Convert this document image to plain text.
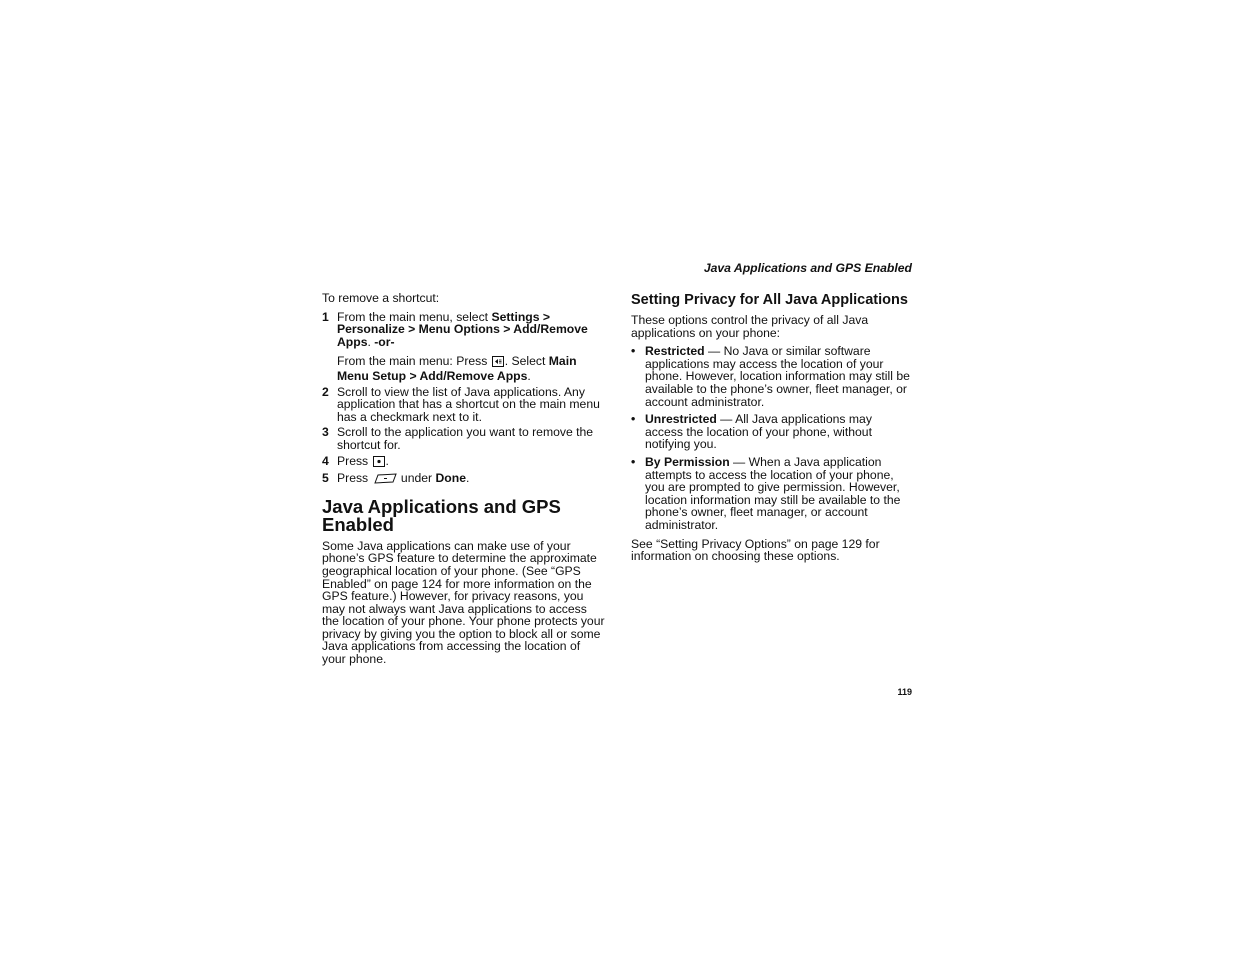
Java Applications and GPS Enabled

To remove a shortcut:

1 From the main menu, select Settings > Personalize > Menu Options > Add/Remove Apps. -or-

From the main menu: Press . Select Main Menu Setup > Add/Remove Apps.

2 Scroll to view the list of Java applications. Any application that has a shortcut on the main menu has a checkmark next to it.

3 Scroll to the application you want to remove the shortcut for.

4 Press .

5 Press  under Done.

Java Applications and GPS Enabled

Some Java applications can make use of your phone’s GPS feature to determine the approximate geographical location of your phone. (See “GPS Enabled” on page 124 for more information on the GPS feature.) However, for privacy reasons, you may not always want Java applications to access the location of your phone. Your phone protects your privacy by giving you the option to block all or some Java applications from accessing the location of your phone.

Setting Privacy for All Java Applications

These options control the privacy of all Java applications on your phone:

• Restricted — No Java or similar software applications may access the location of your phone. However, location information may still be available to the phone’s owner, fleet manager, or account administrator.
• Unrestricted — All Java applications may access the location of your phone, without notifying you.
• By Permission — When a Java application attempts to access the location of your phone, you are prompted to give permission. However, location information may still be available to the phone’s owner, fleet manager, or account administrator.

See “Setting Privacy Options” on page 129 for information on choosing these options.

119
